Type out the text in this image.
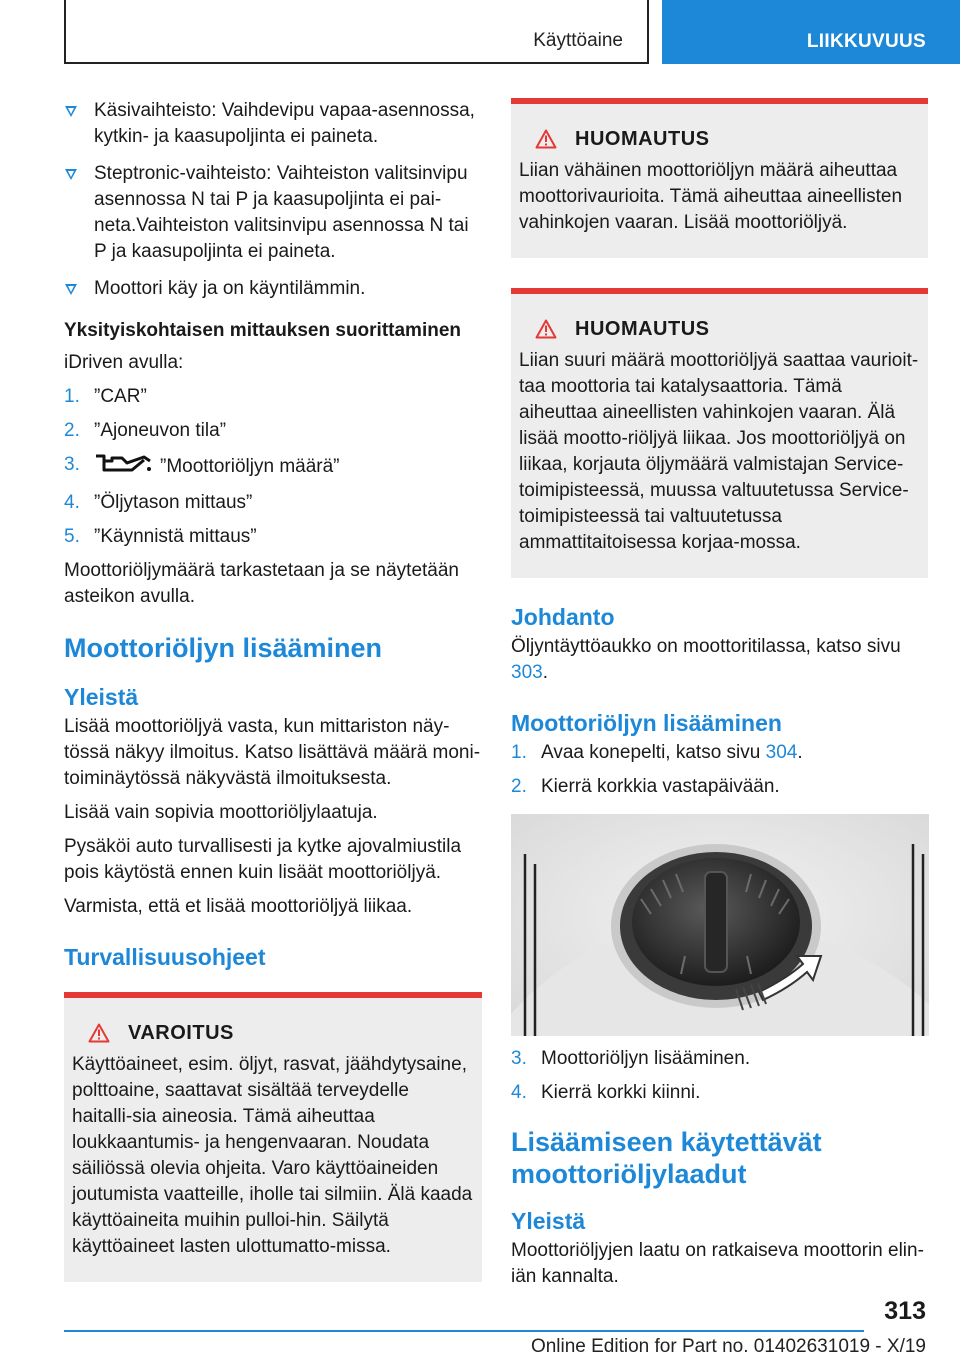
Käyttöaine	LIIKKUVUUS
Käsivaihteisto: Vaihdevipu vapaa-asennossa, kytkin- ja kaasupoljinta ei paineta.
Steptronic-vaihteisto: Vaihteiston valitsinvipu asennossa N tai P ja kaasupoljinta ei pai-neta.Vaihteiston valitsinvipu asennossa N tai P ja kaasupoljinta ei paineta.
Moottori käy ja on käyntilämmin.
Yksityiskohtaisen mittauksen suorittaminen

iDriven avulla:

1. ”CAR”
2. ”Ajoneuvon tila”
3.	”Moottoriöljyn määrä”
4. ”Öljytason mittaus”
5. ”Käynnistä mittaus”

Moottoriöljymäärä tarkastetaan ja se näytetään asteikon avulla.

Moottoriöljyn lisääminen
Yleistä

Lisää moottoriöljyä vasta, kun mittariston näy-tössä näkyy ilmoitus. Katso lisättävä määrä moni-toiminäytössä näkyvästä ilmoituksesta.

Lisää vain sopivia moottoriöljylaatuja.

Pysäköi auto turvallisesti ja kytke ajovalmiustila pois käytöstä ennen kuin lisäät moottoriöljyä.

Varmista, että et lisää moottoriöljyä liikaa.

Turvallisuusohjeet
VAROITUS

Käyttöaineet, esim. öljyt, rasvat, jäähdytysaine, polttoaine, saattavat sisältää terveydelle haitalli-sia aineosia. Tämä aiheuttaa loukkaantumis- ja hengenvaaran. Noudata säiliössä olevia ohjeita. Varo käyttöaineiden joutumista vaatteille, iholle tai silmiin. Älä kaada käyttöaineita muihin pulloi-hin. Säilytä käyttöaineet lasten ulottumatto-missa.

HUOMAUTUS

Liian vähäinen moottoriöljyn määrä aiheuttaa moottorivaurioita. Tämä aiheuttaa aineellisten vahinkojen vaaran. Lisää moottoriöljyä.

HUOMAUTUS

Liian suuri määrä moottoriöljyä saattaa vaurioit-taa moottoria tai katalysaattoria. Tämä aiheuttaa aineellisten vahinkojen vaaran. Älä lisää mootto-riöljyä liikaa. Jos moottoriöljyä on liikaa, korjauta öljymäärä valmistajan Service-toimipisteessä, muussa valtuutetussa Service-toimipisteessä tai valtuutetussa ammattitaitoisessa korjaa-mossa.

Johdanto

Öljyntäyttöaukko on moottoritilassa, katso sivu 303.

Moottoriöljyn lisääminen
1. Avaa konepelti, katso sivu 304.
2. Kierrä korkkia vastapäivään.
3. Moottoriöljyn lisääminen.
4. Kierrä korkki kiinni.
Lisäämiseen käytettävät moottoriöljylaadut
Yleistä

Moottoriöljyjen laatu on ratkaiseva moottorin elin-iän kannalta.

313
Online Edition for Part no. 01402631019 - X/19
